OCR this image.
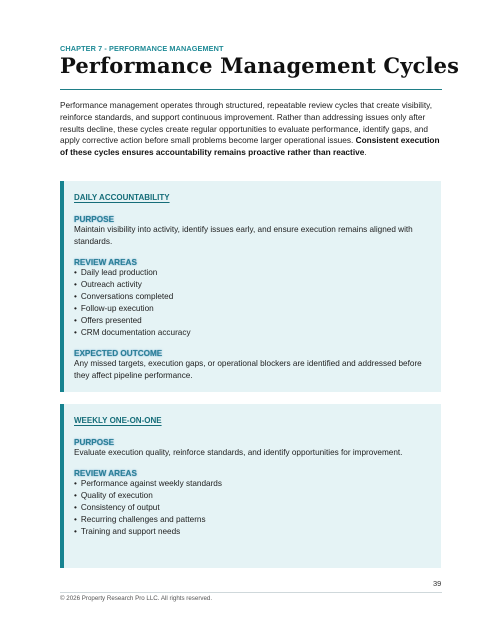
CHAPTER 7 - PERFORMANCE MANAGEMENT
Performance Management Cycles

Performance management operates through structured, repeatable review cycles that create visibility, reinforce standards, and support continuous improvement. Rather than addressing issues only after results decline, these cycles create regular opportunities to evaluate performance, identify gaps, and apply corrective action before small problems become larger operational issues. Consistent execution of these cycles ensures accountability remains proactive rather than reactive.

DAILY ACCOUNTABILITY
PURPOSE
Maintain visibility into activity, identify issues early, and ensure execution remains aligned with standards.
REVIEW AREAS
• Daily lead production
• Outreach activity
• Conversations completed
• Follow-up execution
• Offers presented
• CRM documentation accuracy
EXPECTED OUTCOME
Any missed targets, execution gaps, or operational blockers are identified and addressed before they affect pipeline performance.
WEEKLY ONE-ON-ONE
PURPOSE
Evaluate execution quality, reinforce standards, and identify opportunities for improvement.
REVIEW AREAS
• Performance against weekly standards
• Quality of execution
• Consistency of output
• Recurring challenges and patterns
• Training and support needs
39
© 2026 Property Research Pro LLC. All rights reserved.
